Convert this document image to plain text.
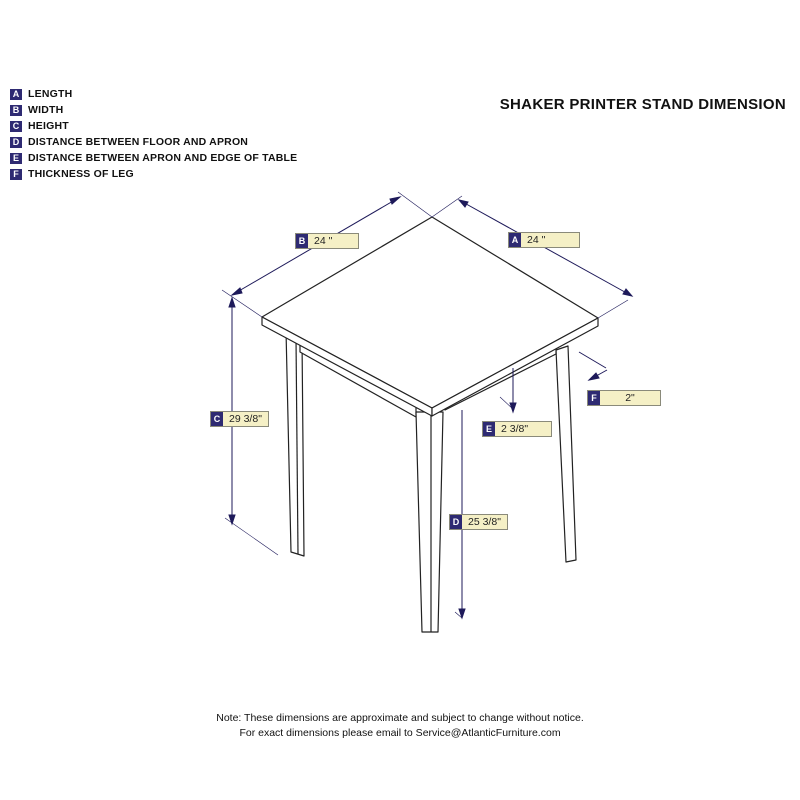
A LENGTH
B WIDTH
C HEIGHT
D DISTANCE BETWEEN FLOOR AND APRON
E DISTANCE BETWEEN APRON AND EDGE OF TABLE
F THICKNESS OF LEG
SHAKER PRINTER STAND DIMENSION
B 24 "	A 24 "
C 29 3/8"
E 2 3/8"
F	2"
D 25 3/8"
Note: These dimensions are approximate and subject to change without notice.
For exact dimensions please email to Service@AtlanticFurniture.com
